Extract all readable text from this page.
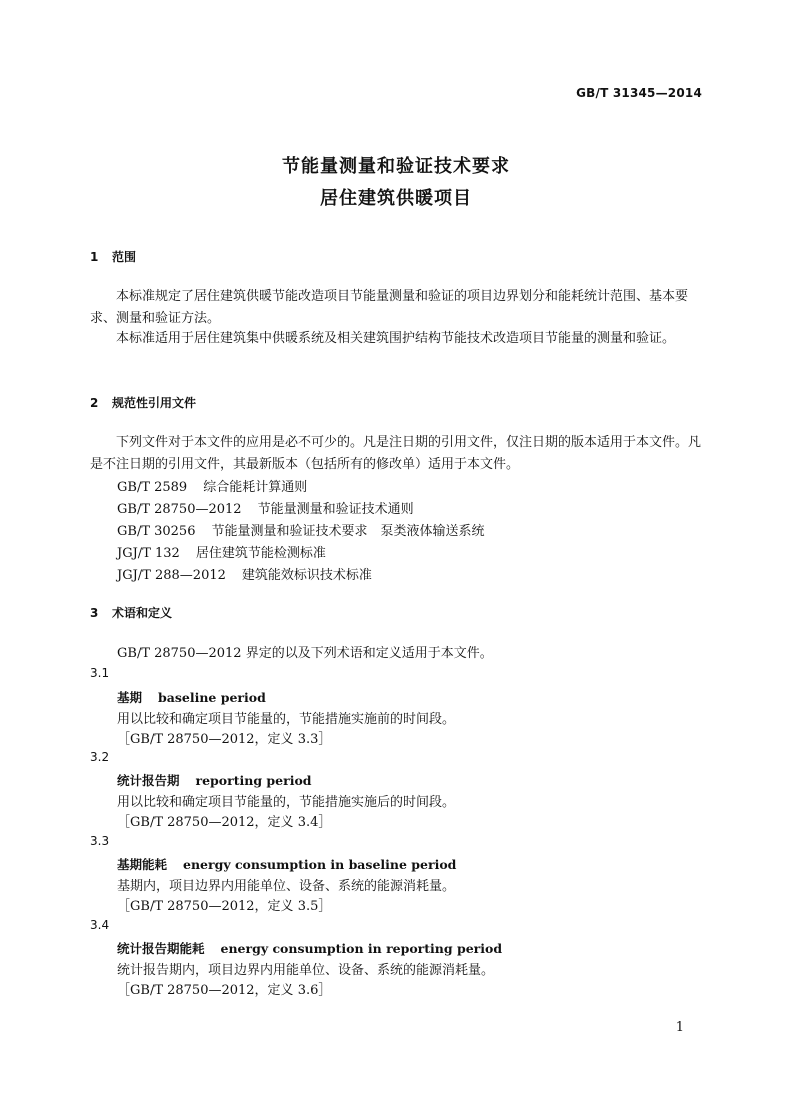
GB/T 31345—2014
节能量测量和验证技术要求
居住建筑供暖项目
1 范围
本标准规定了居住建筑供暖节能改造项目节能量测量和验证的项目边界划分和能耗统计范围、基本要求、测量和验证方法。
本标准适用于居住建筑集中供暖系统及相关建筑围护结构节能技术改造项目节能量的测量和验证。
2 规范性引用文件
下列文件对于本文件的应用是必不可少的。凡是注日期的引用文件，仅注日期的版本适用于本文件。凡是不注日期的引用文件，其最新版本（包括所有的修改单）适用于本文件。
GB/T 2589 综合能耗计算通则
GB/T 28750—2012 节能量测量和验证技术通则
GB/T 30256 节能量测量和验证技术要求　泵类液体输送系统
JGJ/T 132 居住建筑节能检测标准
JGJ/T 288—2012 建筑能效标识技术标准
3 术语和定义
GB/T 28750—2012 界定的以及下列术语和定义适用于本文件。
3.1
基期 baseline period
用以比较和确定项目节能量的，节能措施实施前的时间段。
［GB/T 28750—2012，定义 3.3］
3.2
统计报告期 reporting period
用以比较和确定项目节能量的，节能措施实施后的时间段。
［GB/T 28750—2012，定义 3.4］
3.3
基期能耗 energy consumption in baseline period
基期内，项目边界内用能单位、设备、系统的能源消耗量。
［GB/T 28750—2012，定义 3.5］
3.4
统计报告期能耗 energy consumption in reporting period
统计报告期内，项目边界内用能单位、设备、系统的能源消耗量。
［GB/T 28750—2012，定义 3.6］
1
